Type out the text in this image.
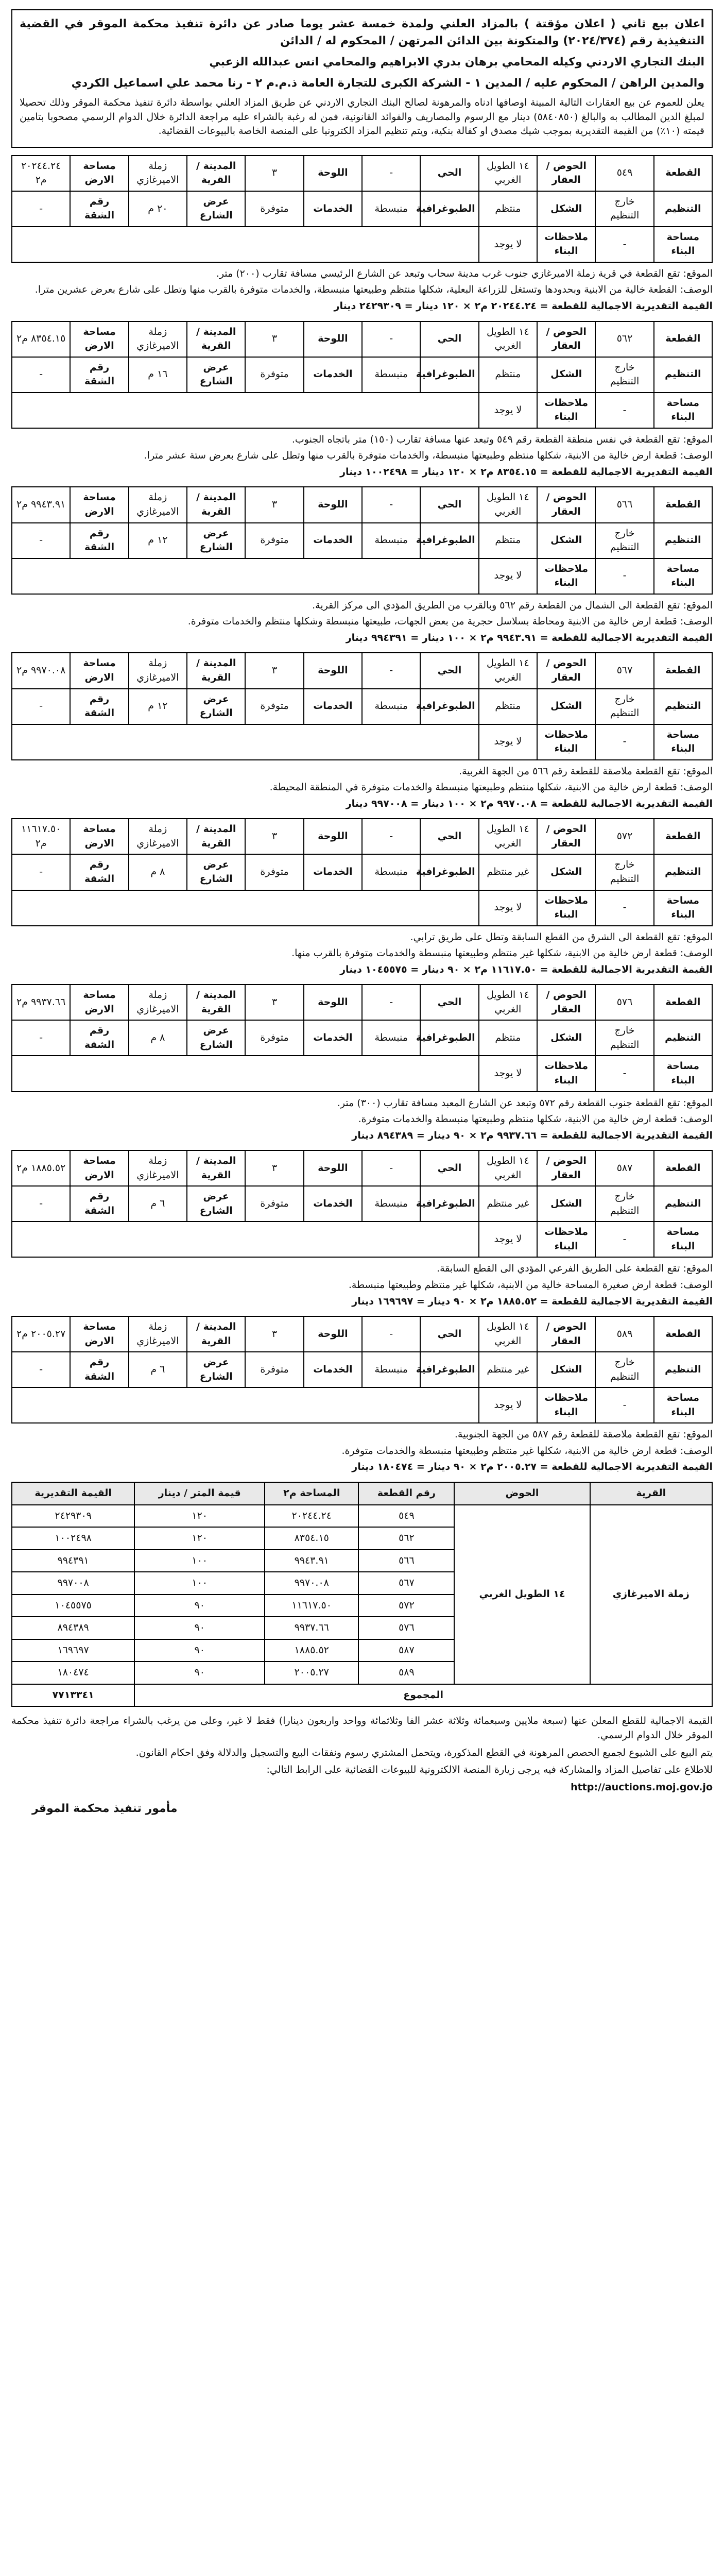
اعلان بيع ثاني ( اعلان مؤقتة ) بالمزاد العلني ولمدة خمسة عشر يوما صادر عن دائرة تنفيذ محكمة الموقر في القضية التنفيذية رقم (٢٠٢٤/٣٧٤) والمتكونة بين الدائن المرتهن / المحكوم له / الدائن

البنك التجاري الاردني وكيله المحامي برهان بدري الابراهيم والمحامي انس عبدالله الزعبي

والمدين الراهن / المحكوم عليه / المدين ١ - الشركة الكبرى للتجارة العامة ذ.م.م ٢ - رنا محمد علي اسماعيل الكردي

يعلن للعموم عن بيع العقارات التالية المبينة اوصافها ادناه والمرهونة لصالح البنك التجاري الاردني عن طريق المزاد العلني بواسطة دائرة تنفيذ محكمة الموقر وذلك تحصيلا لمبلغ الدين المطالب به والبالغ (٥٨٤٠٨٥٠) دينار مع الرسوم والمصاريف والفوائد القانونية، فمن له رغبة بالشراء عليه مراجعة الدائرة خلال الدوام الرسمي مصحوبا بتامين قيمته (١٠٪) من القيمة التقديرية بموجب شيك مصدق او كفالة بنكية، ويتم تنظيم المزاد الكترونيا على المنصة الخاصة بالبيوعات القضائية.

القطعة	٥٤٩	الحوض / العقار	١٤ الطويل الغربي	الحي	-	اللوحة	٣	المدينة / القرية	زملة الاميرغازي	مساحة الارض	٢٠٢٤٤.٢٤ م٢
التنظيم	خارج التنظيم	الشكل	منتظم	الطبوغرافية	منبسطة	الخدمات	متوفرة	عرض الشارع	٢٠ م	رقم الشقة	-
مساحة البناء	-	ملاحظات البناء	لا يوجد								

الموقع: تقع القطعة في قرية زملة الاميرغازي جنوب غرب مدينة سحاب وتبعد عن الشارع الرئيسي مسافة تقارب (٢٠٠) متر.

الوصف: القطعة خالية من الابنية وبحدودها وتستغل للزراعة البعلية، شكلها منتظم وطبيعتها منبسطة، والخدمات متوفرة بالقرب منها وتطل على شارع بعرض عشرين مترا.

القيمة التقديرية الاجمالية للقطعة = ٢٠٢٤٤.٢٤ م٢ × ١٢٠ دينار = ٢٤٢٩٣٠٩ دينار

القطعة	٥٦٢	الحوض / العقار	١٤ الطويل الغربي	الحي	-	اللوحة	٣	المدينة / القرية	زملة الاميرغازي	مساحة الارض	٨٣٥٤.١٥ م٢
التنظيم	خارج التنظيم	الشكل	منتظم	الطبوغرافية	منبسطة	الخدمات	متوفرة	عرض الشارع	١٦ م	رقم الشقة	-
مساحة البناء	-	ملاحظات البناء	لا يوجد								

الموقع: تقع القطعة في نفس منطقة القطعة رقم ٥٤٩ وتبعد عنها مسافة تقارب (١٥٠) متر باتجاه الجنوب.

الوصف: قطعة ارض خالية من الابنية، شكلها منتظم وطبيعتها منبسطة، والخدمات متوفرة بالقرب منها وتطل على شارع بعرض ستة عشر مترا.

القيمة التقديرية الاجمالية للقطعة = ٨٣٥٤.١٥ م٢ × ١٢٠ دينار = ١٠٠٢٤٩٨ دينار

القطعة	٥٦٦	الحوض / العقار	١٤ الطويل الغربي	الحي	-	اللوحة	٣	المدينة / القرية	زملة الاميرغازي	مساحة الارض	٩٩٤٣.٩١ م٢
التنظيم	خارج التنظيم	الشكل	منتظم	الطبوغرافية	منبسطة	الخدمات	متوفرة	عرض الشارع	١٢ م	رقم الشقة	-
مساحة البناء	-	ملاحظات البناء	لا يوجد								

الموقع: تقع القطعة الى الشمال من القطعة رقم ٥٦٢ وبالقرب من الطريق المؤدي الى مركز القرية.

الوصف: قطعة ارض خالية من الابنية ومحاطة بسلاسل حجرية من بعض الجهات، طبيعتها منبسطة وشكلها منتظم والخدمات متوفرة.

القيمة التقديرية الاجمالية للقطعة = ٩٩٤٣.٩١ م٢ × ١٠٠ دينار = ٩٩٤٣٩١ دينار

القطعة	٥٦٧	الحوض / العقار	١٤ الطويل الغربي	الحي	-	اللوحة	٣	المدينة / القرية	زملة الاميرغازي	مساحة الارض	٩٩٧٠.٠٨ م٢
التنظيم	خارج التنظيم	الشكل	منتظم	الطبوغرافية	منبسطة	الخدمات	متوفرة	عرض الشارع	١٢ م	رقم الشقة	-
مساحة البناء	-	ملاحظات البناء	لا يوجد								

الموقع: تقع القطعة ملاصقة للقطعة رقم ٥٦٦ من الجهة الغربية.

الوصف: قطعة ارض خالية من الابنية، شكلها منتظم وطبيعتها منبسطة والخدمات متوفرة في المنطقة المحيطة.

القيمة التقديرية الاجمالية للقطعة = ٩٩٧٠.٠٨ م٢ × ١٠٠ دينار = ٩٩٧٠٠٨ دينار

القطعة	٥٧٢	الحوض / العقار	١٤ الطويل الغربي	الحي	-	اللوحة	٣	المدينة / القرية	زملة الاميرغازي	مساحة الارض	١١٦١٧.٥٠ م٢
التنظيم	خارج التنظيم	الشكل	غير منتظم	الطبوغرافية	منبسطة	الخدمات	متوفرة	عرض الشارع	٨ م	رقم الشقة	-
مساحة البناء	-	ملاحظات البناء	لا يوجد								

الموقع: تقع القطعة الى الشرق من القطع السابقة وتطل على طريق ترابي.

الوصف: قطعة ارض خالية من الابنية، شكلها غير منتظم وطبيعتها منبسطة والخدمات متوفرة بالقرب منها.

القيمة التقديرية الاجمالية للقطعة = ١١٦١٧.٥٠ م٢ × ٩٠ دينار = ١٠٤٥٥٧٥ دينار

القطعة	٥٧٦	الحوض / العقار	١٤ الطويل الغربي	الحي	-	اللوحة	٣	المدينة / القرية	زملة الاميرغازي	مساحة الارض	٩٩٣٧.٦٦ م٢
التنظيم	خارج التنظيم	الشكل	منتظم	الطبوغرافية	منبسطة	الخدمات	متوفرة	عرض الشارع	٨ م	رقم الشقة	-
مساحة البناء	-	ملاحظات البناء	لا يوجد								

الموقع: تقع القطعة جنوب القطعة رقم ٥٧٢ وتبعد عن الشارع المعبد مسافة تقارب (٣٠٠) متر.

الوصف: قطعة ارض خالية من الابنية، شكلها منتظم وطبيعتها منبسطة والخدمات متوفرة.

القيمة التقديرية الاجمالية للقطعة = ٩٩٣٧.٦٦ م٢ × ٩٠ دينار = ٨٩٤٣٨٩ دينار

القطعة	٥٨٧	الحوض / العقار	١٤ الطويل الغربي	الحي	-	اللوحة	٣	المدينة / القرية	زملة الاميرغازي	مساحة الارض	١٨٨٥.٥٢ م٢
التنظيم	خارج التنظيم	الشكل	غير منتظم	الطبوغرافية	منبسطة	الخدمات	متوفرة	عرض الشارع	٦ م	رقم الشقة	-
مساحة البناء	-	ملاحظات البناء	لا يوجد								

الموقع: تقع القطعة على الطريق الفرعي المؤدي الى القطع السابقة.

الوصف: قطعة ارض صغيرة المساحة خالية من الابنية، شكلها غير منتظم وطبيعتها منبسطة.

القيمة التقديرية الاجمالية للقطعة = ١٨٨٥.٥٢ م٢ × ٩٠ دينار = ١٦٩٦٩٧ دينار

القطعة	٥٨٩	الحوض / العقار	١٤ الطويل الغربي	الحي	-	اللوحة	٣	المدينة / القرية	زملة الاميرغازي	مساحة الارض	٢٠٠٥.٢٧ م٢
التنظيم	خارج التنظيم	الشكل	غير منتظم	الطبوغرافية	منبسطة	الخدمات	متوفرة	عرض الشارع	٦ م	رقم الشقة	-
مساحة البناء	-	ملاحظات البناء	لا يوجد								

الموقع: تقع القطعة ملاصقة للقطعة رقم ٥٨٧ من الجهة الجنوبية.

الوصف: قطعة ارض خالية من الابنية، شكلها غير منتظم وطبيعتها منبسطة والخدمات متوفرة.

القيمة التقديرية الاجمالية للقطعة = ٢٠٠٥.٢٧ م٢ × ٩٠ دينار = ١٨٠٤٧٤ دينار

القرية	الحوض	رقم القطعة	المساحة م٢	قيمة المتر / دينار	القيمة التقديرية
زملة الاميرغازي	١٤ الطويل الغربي	٥٤٩	٢٠٢٤٤.٢٤	١٢٠	٢٤٢٩٣٠٩
		٥٦٢	٨٣٥٤.١٥	١٢٠	١٠٠٢٤٩٨
		٥٦٦	٩٩٤٣.٩١	١٠٠	٩٩٤٣٩١
		٥٦٧	٩٩٧٠.٠٨	١٠٠	٩٩٧٠٠٨
		٥٧٢	١١٦١٧.٥٠	٩٠	١٠٤٥٥٧٥
		٥٧٦	٩٩٣٧.٦٦	٩٠	٨٩٤٣٨٩
		٥٨٧	١٨٨٥.٥٢	٩٠	١٦٩٦٩٧
		٥٨٩	٢٠٠٥.٢٧	٩٠	١٨٠٤٧٤
المجموع					٧٧١٣٣٤١

القيمة الاجمالية للقطع المعلن عنها (سبعة ملايين وسبعمائة وثلاثة عشر الفا وثلاثمائة وواحد واربعون دينارا) فقط لا غير، وعلى من يرغب بالشراء مراجعة دائرة تنفيذ محكمة الموقر خلال الدوام الرسمي.

يتم البيع على الشيوع لجميع الحصص المرهونة في القطع المذكورة، ويتحمل المشتري رسوم ونفقات البيع والتسجيل والدلالة وفق احكام القانون.

للاطلاع على تفاصيل المزاد والمشاركة فيه يرجى زيارة المنصة الالكترونية للبيوعات القضائية على الرابط التالي:

http://auctions.moj.gov.jo

مأمور تنفيذ محكمة الموقر
